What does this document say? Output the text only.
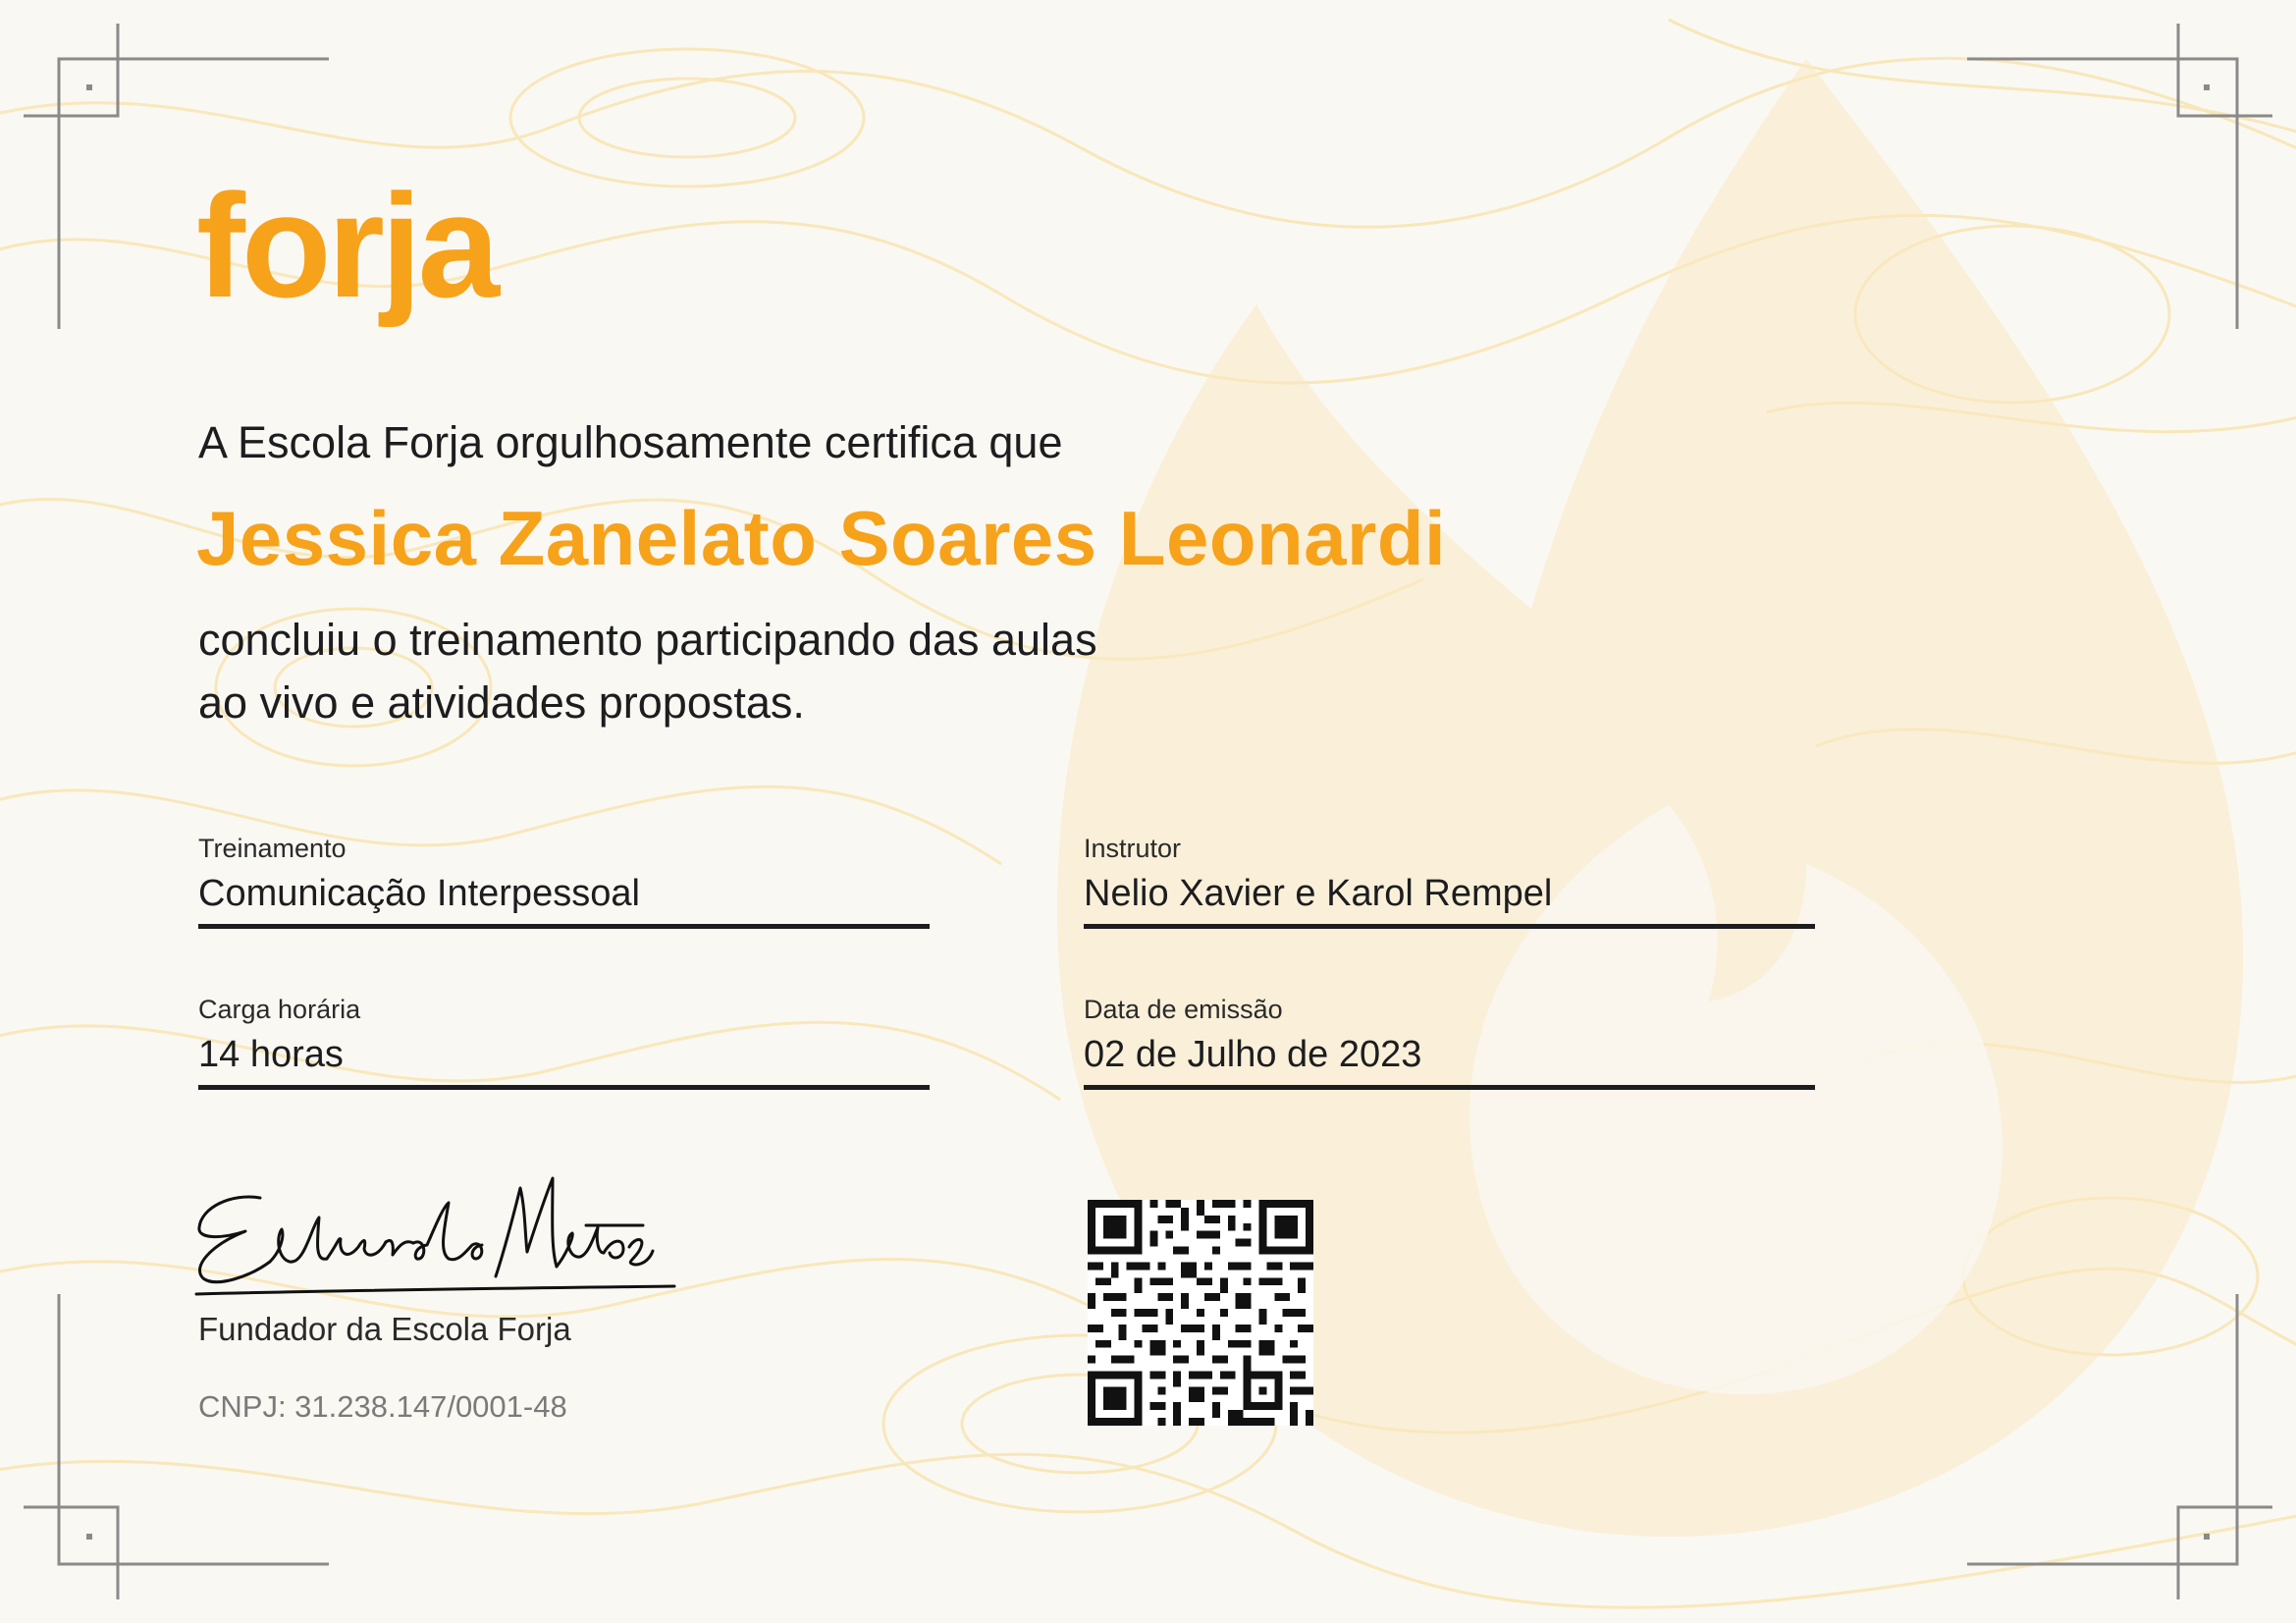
forja
A Escola Forja orgulhosamente certifica que
Jessica Zanelato Soares Leonardi
concluiu o treinamento participando das aulas
ao vivo e atividades propostas.
Treinamento
Comunicação Interpessoal
Instrutor
Nelio Xavier e Karol Rempel
Carga horária
14 horas
Data de emissão
02 de Julho de 2023
Fundador da Escola Forja
CNPJ: 31.238.147/0001-48
